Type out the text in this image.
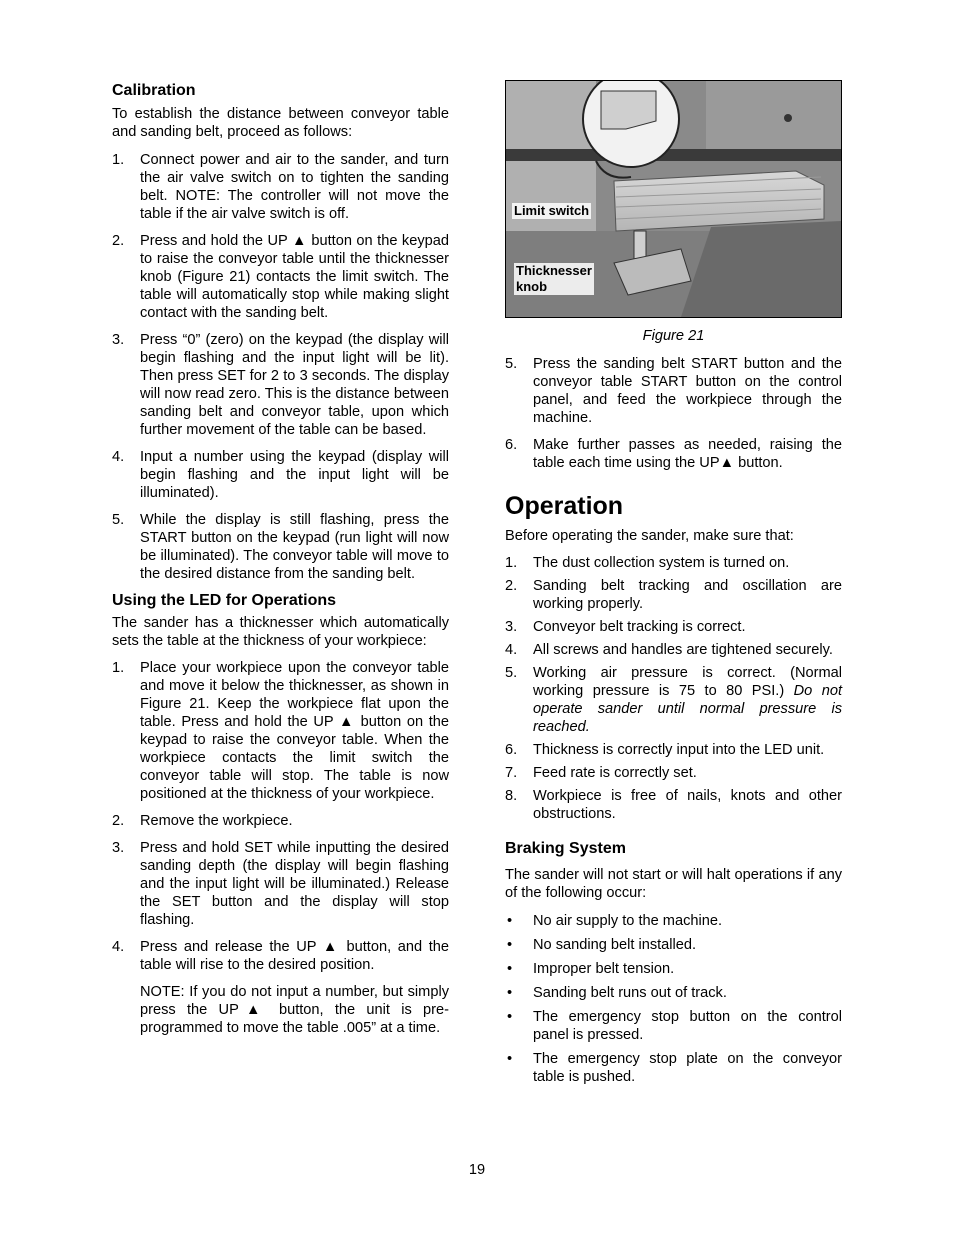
Calibration

To establish the distance between conveyor table and sanding belt, proceed as follows:

1. Connect power and air to the sander, and turn the air valve switch on to tighten the sanding belt. NOTE: The controller will not move the table if the air valve switch is off.
2. Press and hold the UP ▲ button on the keypad to raise the conveyor table until the thicknesser knob (Figure 21) contacts the limit switch. The table will automatically stop while making slight contact with the sanding belt.
3. Press “0” (zero) on the keypad (the display will begin flashing and the input light will be lit). Then press SET for 2 to 3 seconds. The display will now read zero. This is the distance between sanding belt and conveyor table, upon which further movement of the table can be based.
4. Input a number using the keypad (display will begin flashing and the input light will be illuminated).
5. While the display is still flashing, press the START button on the keypad (run light will now be illuminated). The conveyor table will move to the desired distance from the sanding belt.
Using the LED for Operations

The sander has a thicknesser which automatically sets the table at the thickness of your workpiece:

1. Place your workpiece upon the conveyor table and move it below the thicknesser, as shown in Figure 21. Keep the workpiece flat upon the table. Press and hold the UP ▲ button on the keypad to raise the conveyor table. When the workpiece contacts the limit switch the conveyor table will stop. The table is now positioned at the thickness of your workpiece.
2. Remove the workpiece.
3. Press and hold SET while inputting the desired sanding depth (the display will begin flashing and the input light will be illuminated.) Release the SET button and the display will stop flashing.
4. Press and release the UP ▲ button, and the table will rise to the desired position.

NOTE: If you do not input a number, but simply press the UP▲ button, the unit is pre-programmed to move the table .005” at a time.

Limit switch
Thicknesser
knob
Figure 21
5. Press the sanding belt START button and the conveyor table START button on the control panel, and feed the workpiece through the machine.
6. Make further passes as needed, raising the table each time using the UP▲ button.
Operation

Before operating the sander, make sure that:

1. The dust collection system is turned on.
2. Sanding belt tracking and oscillation are working properly.
3. Conveyor belt tracking is correct.
4. All screws and handles are tightened securely.
5. Working air pressure is correct. (Normal working pressure is 75 to 80 PSI.) Do not operate sander until normal pressure is reached.
6. Thickness is correctly input into the LED unit.
7. Feed rate is correctly set.
8. Workpiece is free of nails, knots and other obstructions.
Braking System

The sander will not start or will halt operations if any of the following occur:

• No air supply to the machine.
• No sanding belt installed.
• Improper belt tension.
• Sanding belt runs out of track.
• The emergency stop button on the control panel is pressed.
• The emergency stop plate on the conveyor table is pushed.
19
